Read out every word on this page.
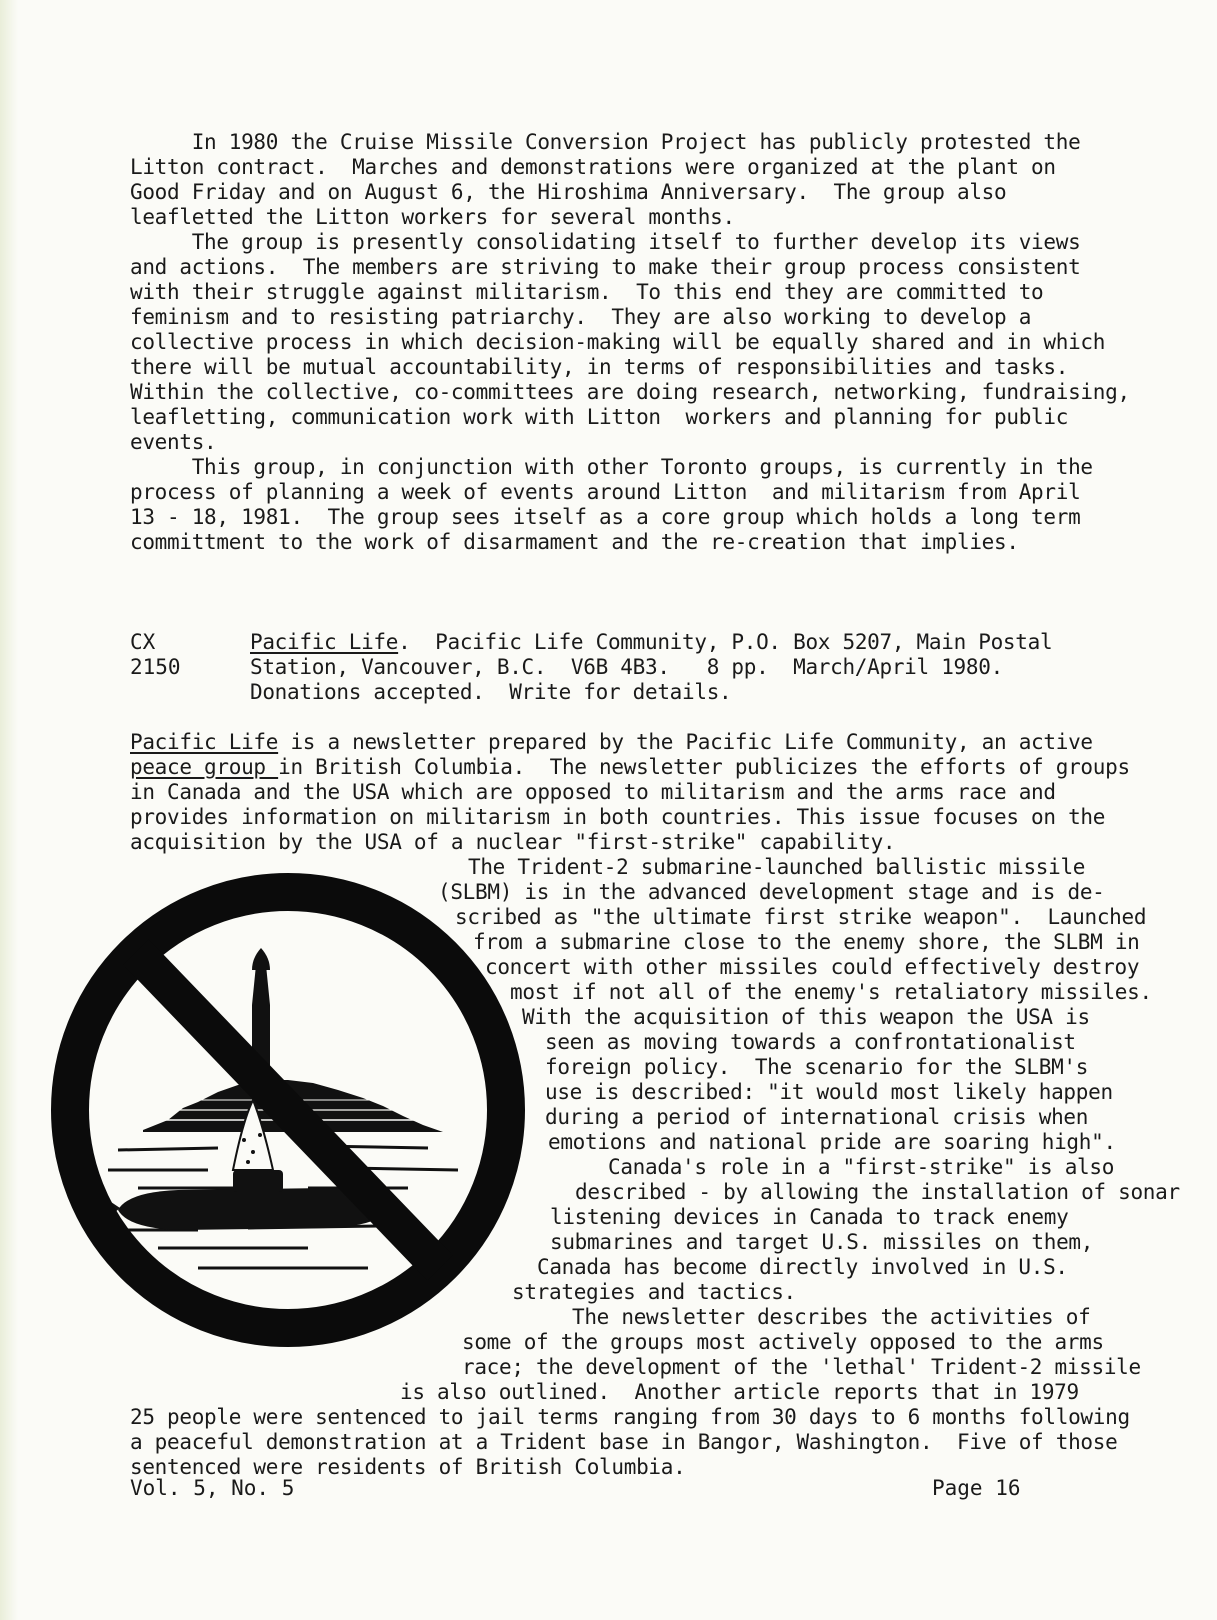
In 1980 the Cruise Missile Conversion Project has publicly protested the
Litton contract.  Marches and demonstrations were organized at the plant on
Good Friday and on August 6, the Hiroshima Anniversary.  The group also
leafletted the Litton workers for several months.
The group is presently consolidating itself to further develop its views
and actions.  The members are striving to make their group process consistent
with their struggle against militarism.  To this end they are committed to
feminism and to resisting patriarchy.  They are also working to develop a
collective process in which decision-making will be equally shared and in which
there will be mutual accountability, in terms of responsibilities and tasks.
Within the collective, co-committees are doing research, networking, fundraising,
leafletting, communication work with Litton  workers and planning for public
events.
This group, in conjunction with other Toronto groups, is currently in the
process of planning a week of events around Litton  and militarism from April
13 - 18, 1981.  The group sees itself as a core group which holds a long term
committment to the work of disarmament and the re-creation that implies.
CX
2150
Pacific Life.  Pacific Life Community, P.O. Box 5207, Main Postal
Station, Vancouver, B.C.  V6B 4B3.   8 pp.  March/April 1980.
Donations accepted.  Write for details.
Pacific Life is a newsletter prepared by the Pacific Life Community, an active
peace group in British Columbia.  The newsletter publicizes the efforts of groups
in Canada and the USA which are opposed to militarism and the arms race and
provides information on militarism in both countries. This issue focuses on the
acquisition by the USA of a nuclear "first-strike" capability.
The Trident-2 submarine-launched ballistic missile
(SLBM) is in the advanced development stage and is de-
scribed as "the ultimate first strike weapon".  Launched
from a submarine close to the enemy shore, the SLBM in
concert with other missiles could effectively destroy
most if not all of the enemy's retaliatory missiles.
With the acquisition of this weapon the USA is
seen as moving towards a confrontationalist
foreign policy.  The scenario for the SLBM's
use is described: "it would most likely happen
during a period of international crisis when
emotions and national pride are soaring high".
Canada's role in a "first-strike" is also
described - by allowing the installation of sonar
listening devices in Canada to track enemy
submarines and target U.S. missiles on them,
Canada has become directly involved in U.S.
strategies and tactics.
The newsletter describes the activities of
some of the groups most actively opposed to the arms
race; the development of the 'lethal' Trident-2 missile
is also outlined.  Another article reports that in 1979
25 people were sentenced to jail terms ranging from 30 days to 6 months following
a peaceful demonstration at a Trident base in Bangor, Washington.  Five of those
sentenced were residents of British Columbia.
Vol. 5, No. 5	Page 16
